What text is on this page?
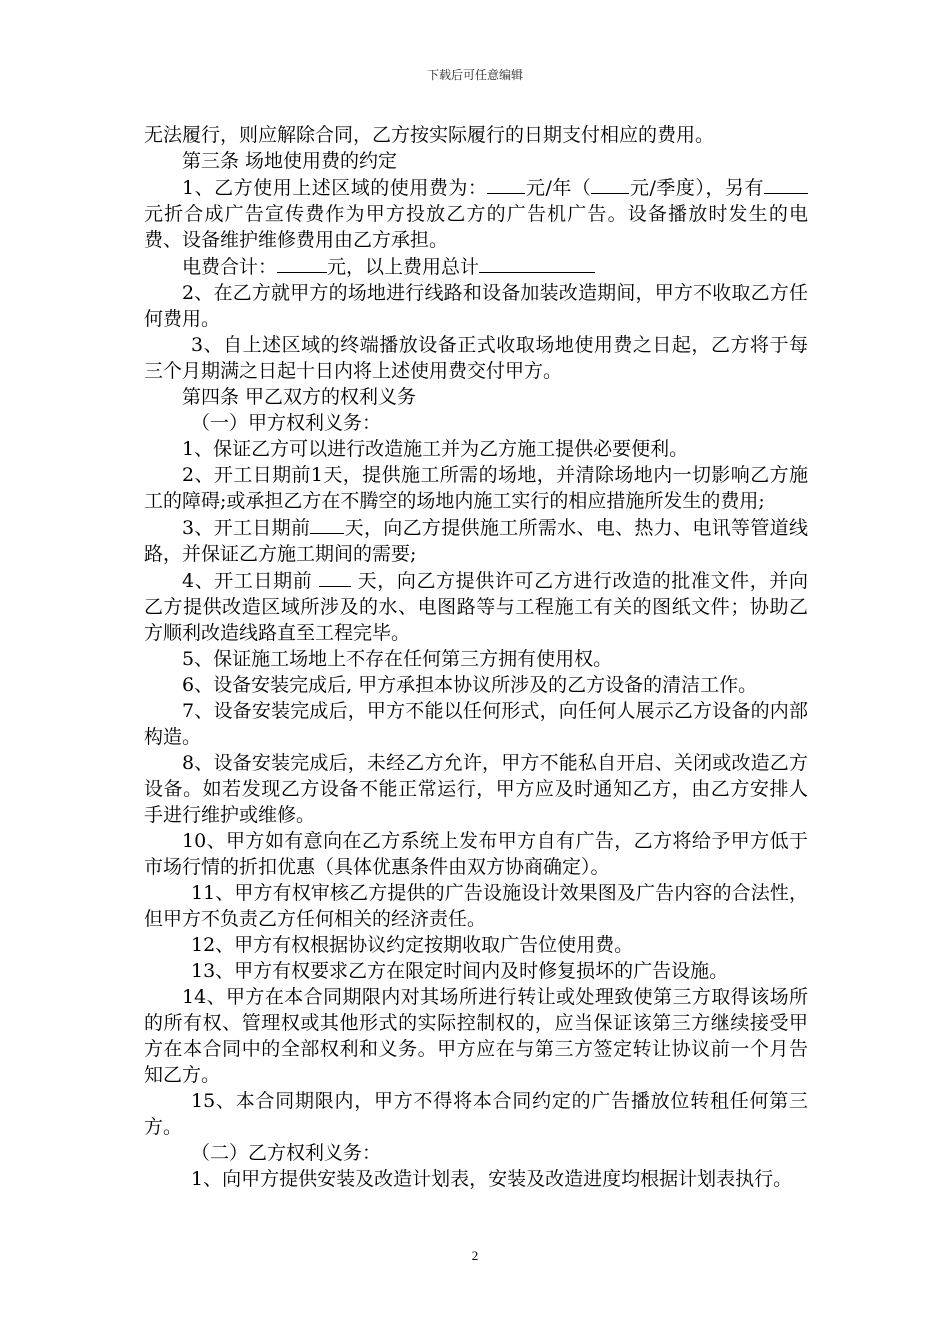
下载后可任意编辑

无法履行，则应解除合同，乙方按实际履行的日期支付相应的费用。

第三条 场地使用费的约定

1、乙方使用上述区域的使用费为： 元/年（ 元/季度），另有元折合成广告宣传费作为甲方投放乙方的广告机广告。设备播放时发生的电费、设备维护维修费用由乙方承担。

电费合计：	元，以上费用总计

2、在乙方就甲方的场地进行线路和设备加装改造期间，甲方不收取乙方任何费用。

3、自上述区域的终端播放设备正式收取场地使用费之日起，乙方将于每三个月期满之日起十日内将上述使用费交付甲方。

第四条 甲乙双方的权利义务

（一）甲方权利义务：

1、保证乙方可以进行改造施工并为乙方施工提供必要便利。

2、开工日期前1天，提供施工所需的场地，并清除场地内一切影响乙方施工的障碍;或承担乙方在不腾空的场地内施工实行的相应措施所发生的费用;

3、开工日期前 天，向乙方提供施工所需水、电、热力、电讯等管道线路，并保证乙方施工期间的需要;

4、开工日期前  天，向乙方提供许可乙方进行改造的批准文件，并向乙方提供改造区域所涉及的水、电图路等与工程施工有关的图纸文件；协助乙方顺利改造线路直至工程完毕。

5、保证施工场地上不存在任何第三方拥有使用权。

6、设备安装完成后, 甲方承担本协议所涉及的乙方设备的清洁工作。

7、设备安装完成后，甲方不能以任何形式，向任何人展示乙方设备的内部构造。

8、设备安装完成后，未经乙方允许，甲方不能私自开启、关闭或改造乙方设备。如若发现乙方设备不能正常运行，甲方应及时通知乙方，由乙方安排人手进行维护或维修。

10、甲方如有意向在乙方系统上发布甲方自有广告，乙方将给予甲方低于市场行情的折扣优惠（具体优惠条件由双方协商确定）。

11、甲方有权审核乙方提供的广告设施设计效果图及广告内容的合法性，但甲方不负责乙方任何相关的经济责任。

12、甲方有权根据协议约定按期收取广告位使用费。

13、甲方有权要求乙方在限定时间内及时修复损坏的广告设施。

14、甲方在本合同期限内对其场所进行转让或处理致使第三方取得该场所的所有权、管理权或其他形式的实际控制权的，应当保证该第三方继续接受甲方在本合同中的全部权利和义务。甲方应在与第三方签定转让协议前一个月告知乙方。

15、本合同期限内，甲方不得将本合同约定的广告播放位转租任何第三方。

（二）乙方权利义务：

1、向甲方提供安装及改造计划表，安装及改造进度均根据计划表执行。

2
